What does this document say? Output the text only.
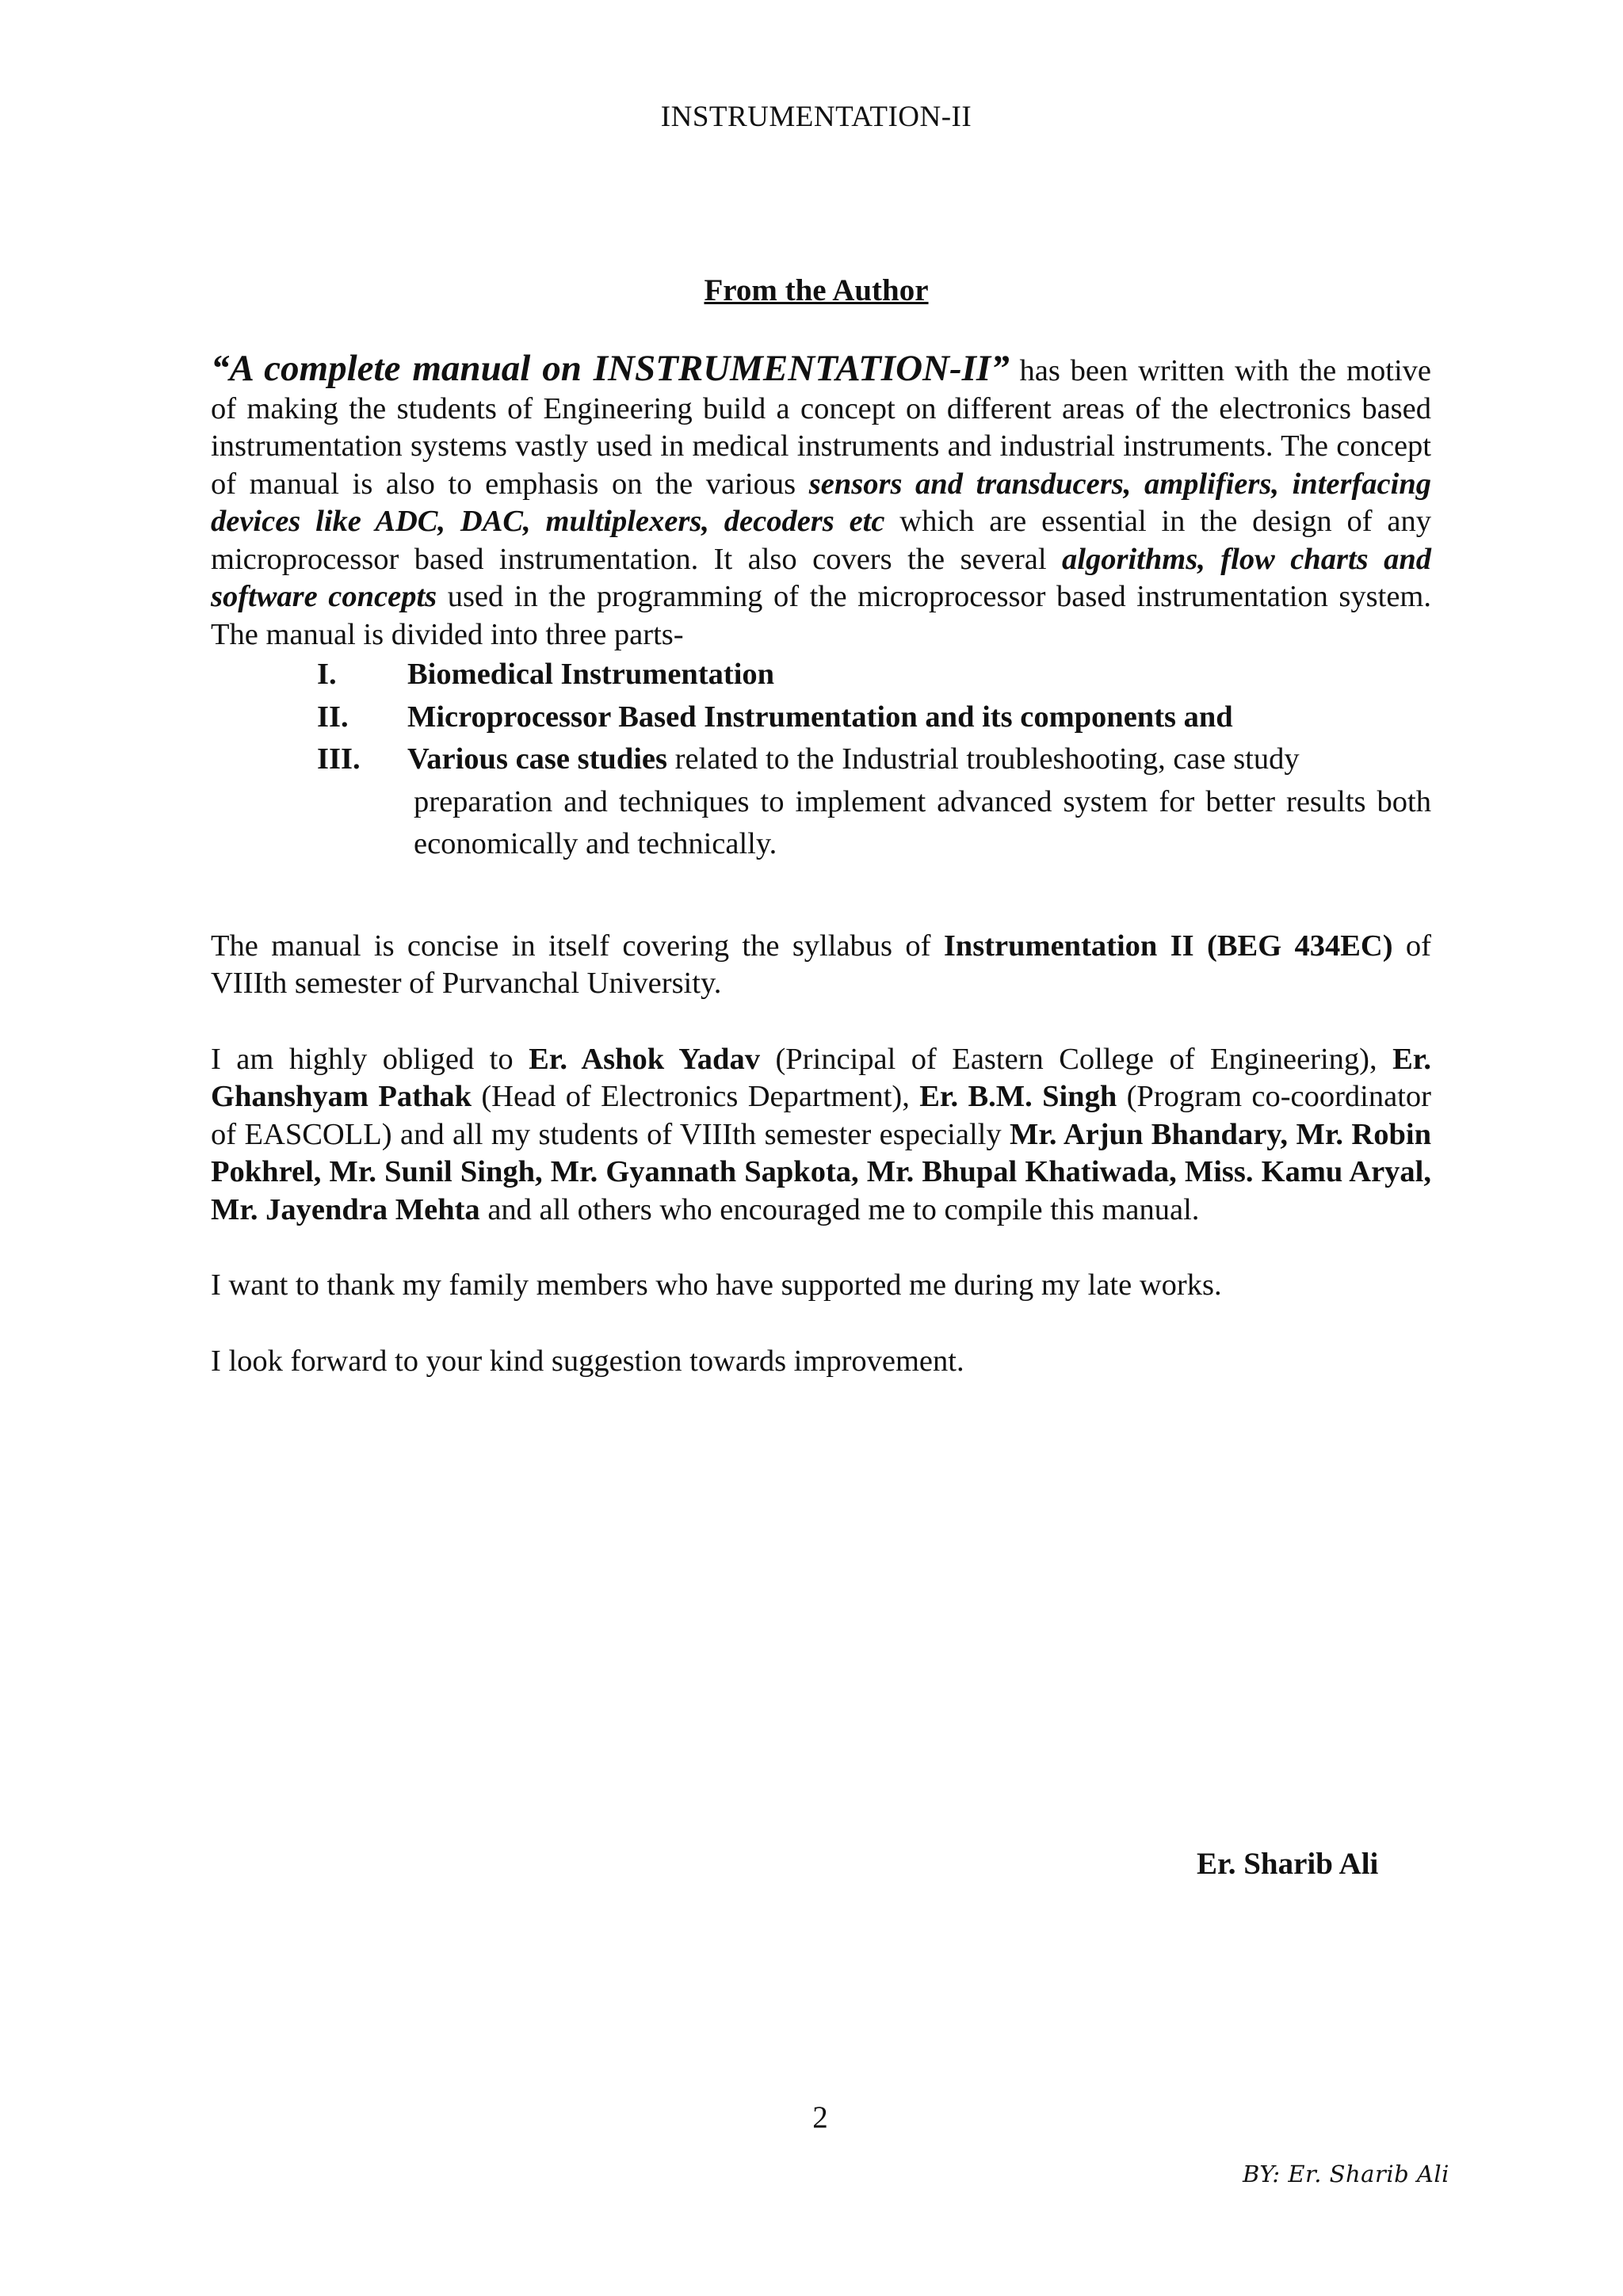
INSTRUMENTATION-II
From the Author

“A complete manual on INSTRUMENTATION-II” has been written with the motive of making the students of Engineering build a concept on different areas of the electronics based instrumentation systems vastly used in medical instruments and industrial instruments. The concept of manual is also to emphasis on the various sensors and transducers, amplifiers, interfacing devices like ADC, DAC, multiplexers, decoders etc which are essential in the design of any microprocessor based instrumentation. It also covers the several algorithms, flow charts and software concepts used in the programming of the microprocessor based instrumentation system. The manual is divided into three parts-

I. Biomedical Instrumentation
II. Microprocessor Based Instrumentation and its components and
III. Various case studies related to the Industrial troubleshooting, case study
preparation and techniques to implement advanced system for better results both economically and technically.

The manual is concise in itself covering the syllabus of Instrumentation II (BEG 434EC) of VIIIth semester of Purvanchal University.

I am highly obliged to Er. Ashok Yadav (Principal of Eastern College of Engineering), Er. Ghanshyam Pathak (Head of Electronics Department), Er. B.M. Singh (Program co-coordinator of EASCOLL) and all my students of VIIIth semester especially Mr. Arjun Bhandary, Mr. Robin Pokhrel, Mr. Sunil Singh, Mr. Gyannath Sapkota, Mr. Bhupal Khatiwada, Miss. Kamu Aryal, Mr. Jayendra Mehta and all others who encouraged me to compile this manual.

I want to thank my family members who have supported me during my late works.

I look forward to your kind suggestion towards improvement.

Er. Sharib Ali
2
BY: Er. Sharib Ali
